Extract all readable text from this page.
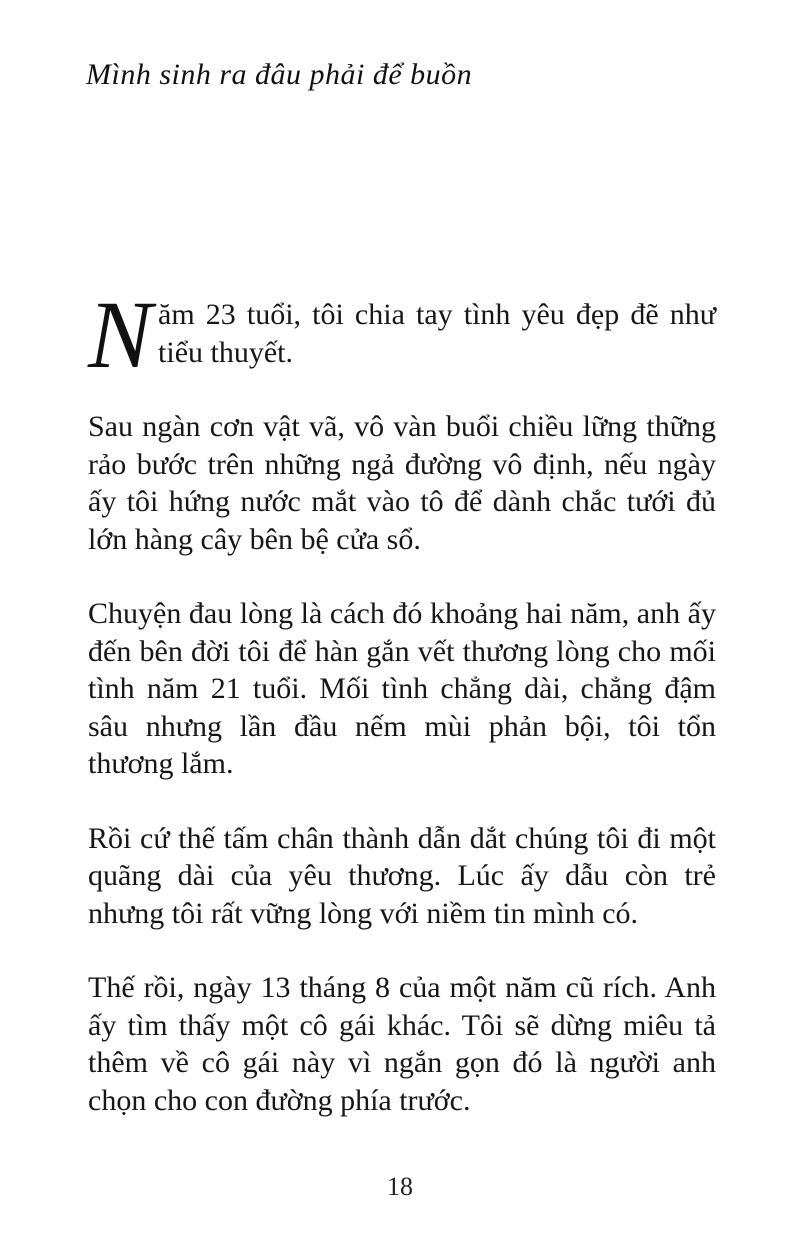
Mình sinh ra đâu phải để buồn

N ăm 23 tuổi, tôi chia tay tình yêu đẹp đẽ như tiểu thuyết.

Sau ngàn cơn vật vã, vô vàn buổi chiều lững thững rảo bước trên những ngả đường vô định, nếu ngày ấy tôi hứng nước mắt vào tô để dành chắc tưới đủ lớn hàng cây bên bệ cửa sổ.

Chuyện đau lòng là cách đó khoảng hai năm, anh ấy đến bên đời tôi để hàn gắn vết thương lòng cho mối tình năm 21 tuổi. Mối tình chẳng dài, chẳng đậm sâu nhưng lần đầu nếm mùi phản bội, tôi tổn thương lắm.

Rồi cứ thế tấm chân thành dẫn dắt chúng tôi đi một quãng dài của yêu thương. Lúc ấy dẫu còn trẻ nhưng tôi rất vững lòng với niềm tin mình có.

Thế rồi, ngày 13 tháng 8 của một năm cũ rích. Anh ấy tìm thấy một cô gái khác. Tôi sẽ dừng miêu tả thêm về cô gái này vì ngắn gọn đó là người anh chọn cho con đường phía trước.

18
